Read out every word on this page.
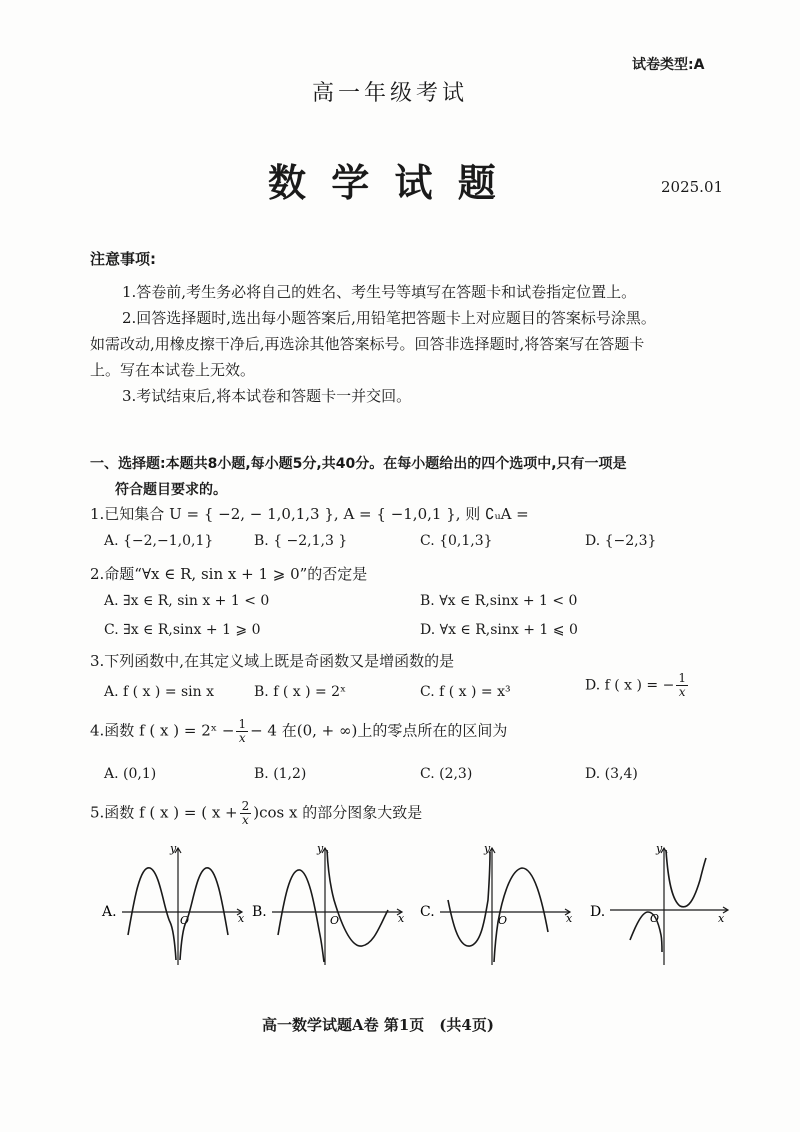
试卷类型:A
高一年级考试
数 学 试 题	2025.01
注意事项:
1.答卷前,考生务必将自己的姓名、考生号等填写在答题卡和试卷指定位置上。
2.回答选择题时,选出每小题答案后,用铅笔把答题卡上对应题目的答案标号涂黑。
如需改动,用橡皮擦干净后,再选涂其他答案标号。回答非选择题时,将答案写在答题卡
上。写在本试卷上无效。
3.考试结束后,将本试卷和答题卡一并交回。
一、选择题:本题共8小题,每小题5分,共40分。在每小题给出的四个选项中,只有一项是
符合题目要求的。
1.已知集合 U = { −2, − 1,0,1,3 }, A = { −1,0,1 }, 则 ∁ᵤA =
A. {−2,−1,0,1}	B. { −2,1,3 }	C. {0,1,3}	D. {−2,3}
2.命题“∀x ∈ R, sin x + 1 ⩾ 0”的否定是
A. ∃x ∈ R, sin x + 1 < 0	B. ∀x ∈ R,sinx + 1 < 0
C. ∃x ∈ R,sinx + 1 ⩾ 0	D. ∀x ∈ R,sinx + 1 ⩽ 0
3.下列函数中,在其定义域上既是奇函数又是增函数的是
A. f ( x ) = sin x	B. f ( x ) = 2ˣ	C. f ( x ) = x³	D. f ( x ) = − $\frac{1}{x}$
4.函数 f ( x ) = 2ˣ − $\frac{1}{x} - 4$ 在(0, + ∞)上的零点所在的区间为
A. (0,1)	B. (1,2)	C. (2,3)	D. (3,4)
5.函数 f ( x ) = ( $x + \frac{2}{x} )\cos$ x 的部分图象大致是
A.
y
x
O
B.
y
x
O
C.
y
x
O
D.
y
x
O
高一数学试题A卷 第1页　(共4页)
